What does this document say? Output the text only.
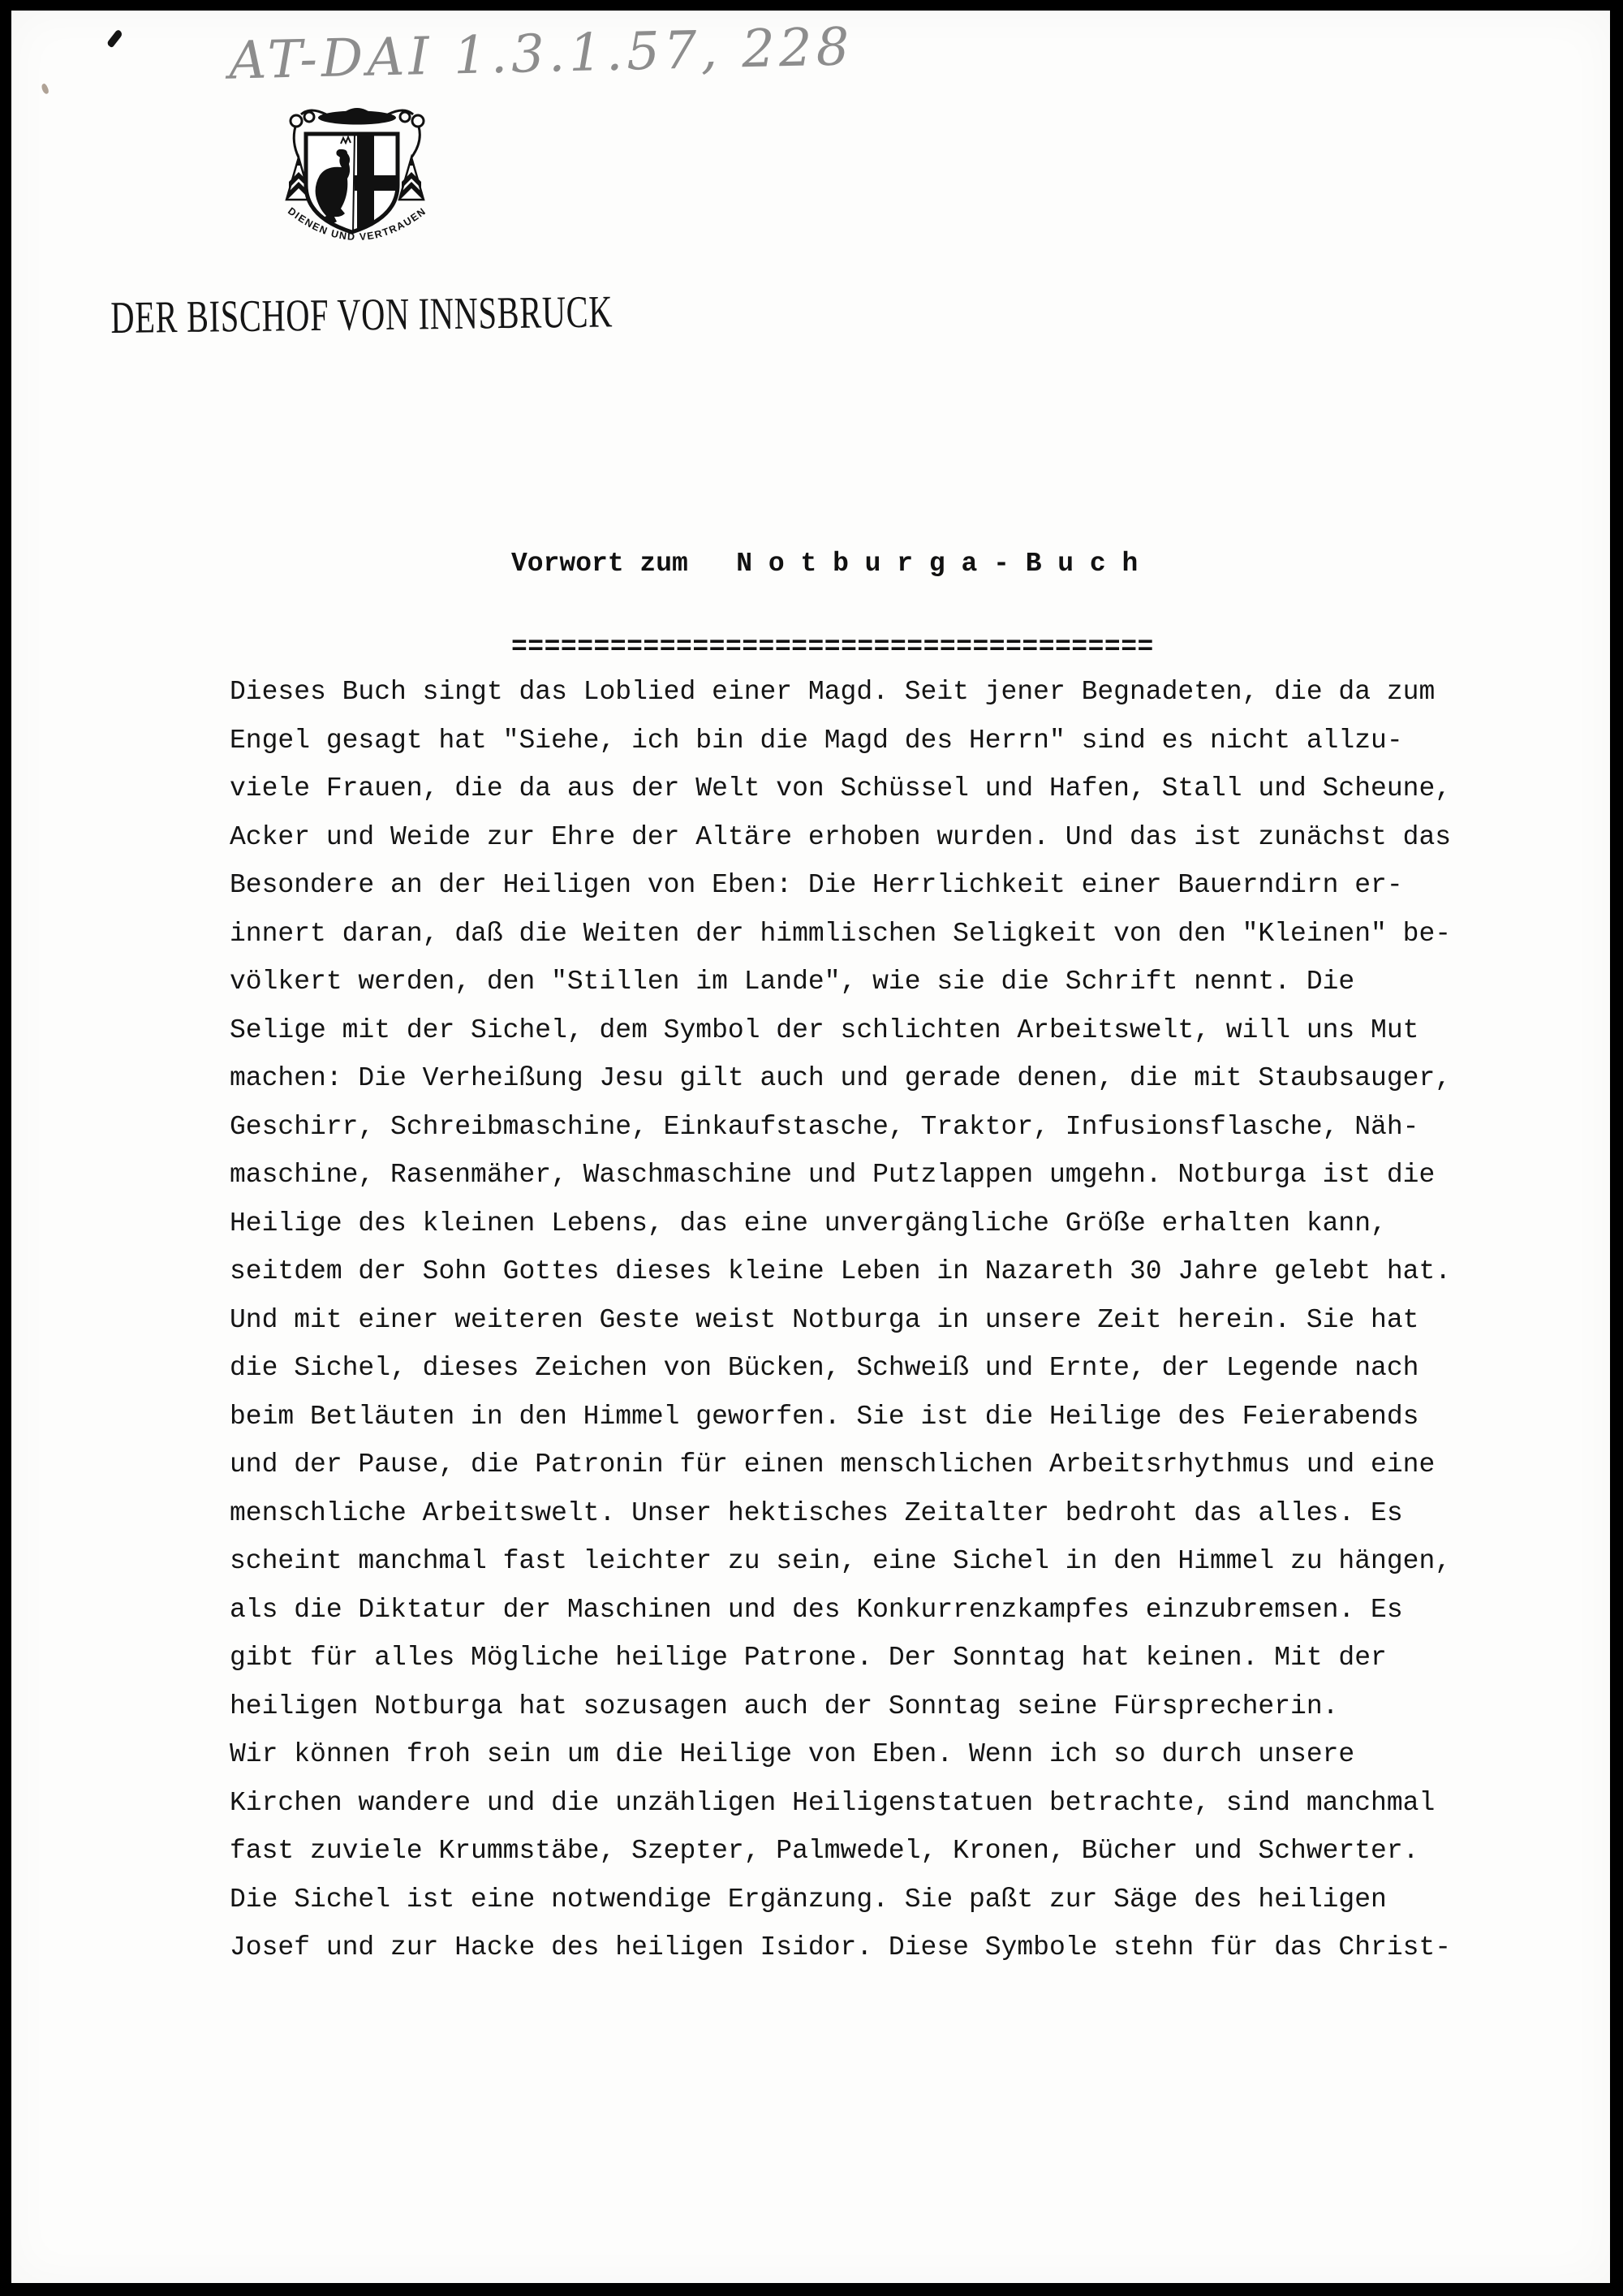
AT-DAI 1.3.1.57, 228
DIENEN UND VERTRAUEN
DER BISCHOF VON INNSBRUCK

Vorwort zum   N o t b u r g a - B u c h

=======================================

Dieses Buch singt das Loblied einer Magd. Seit jener Begnadeten, die da zum
Engel gesagt hat "Siehe, ich bin die Magd des Herrn" sind es nicht allzu-
viele Frauen, die da aus der Welt von Schüssel und Hafen, Stall und Scheune,
Acker und Weide zur Ehre der Altäre erhoben wurden. Und das ist zunächst das
Besondere an der Heiligen von Eben: Die Herrlichkeit einer Bauerndirn er-
innert daran, daß die Weiten der himmlischen Seligkeit von den "Kleinen" be-
völkert werden, den "Stillen im Lande", wie sie die Schrift nennt. Die
Selige mit der Sichel, dem Symbol der schlichten Arbeitswelt, will uns Mut
machen: Die Verheißung Jesu gilt auch und gerade denen, die mit Staubsauger,
Geschirr, Schreibmaschine, Einkaufstasche, Traktor, Infusionsflasche, Näh-
maschine, Rasenmäher, Waschmaschine und Putzlappen umgehn. Notburga ist die
Heilige des kleinen Lebens, das eine unvergängliche Größe erhalten kann,
seitdem der Sohn Gottes dieses kleine Leben in Nazareth 30 Jahre gelebt hat.
Und mit einer weiteren Geste weist Notburga in unsere Zeit herein. Sie hat
die Sichel, dieses Zeichen von Bücken, Schweiß und Ernte, der Legende nach
beim Betläuten in den Himmel geworfen. Sie ist die Heilige des Feierabends
und der Pause, die Patronin für einen menschlichen Arbeitsrhythmus und eine
menschliche Arbeitswelt. Unser hektisches Zeitalter bedroht das alles. Es
scheint manchmal fast leichter zu sein, eine Sichel in den Himmel zu hängen,
als die Diktatur der Maschinen und des Konkurrenzkampfes einzubremsen. Es
gibt für alles Mögliche heilige Patrone. Der Sonntag hat keinen. Mit der
heiligen Notburga hat sozusagen auch der Sonntag seine Fürsprecherin.
Wir können froh sein um die Heilige von Eben. Wenn ich so durch unsere
Kirchen wandere und die unzähligen Heiligenstatuen betrachte, sind manchmal
fast zuviele Krummstäbe, Szepter, Palmwedel, Kronen, Bücher und Schwerter.
Die Sichel ist eine notwendige Ergänzung. Sie paßt zur Säge des heiligen
Josef und zur Hacke des heiligen Isidor. Diese Symbole stehn für das Christ-
